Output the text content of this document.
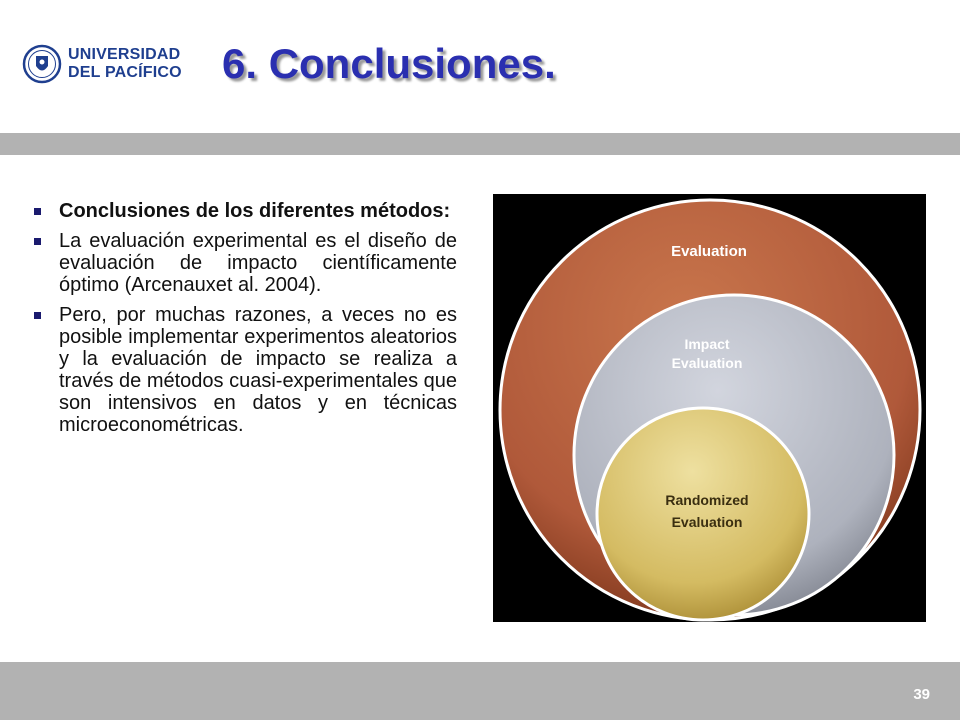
UNIVERSIDAD
DEL PACÍFICO 6. Conclusiones.
Conclusiones de los diferentes métodos:
La evaluación experimental es el diseño de evaluación de impacto científicamente óptimo (Arcenauxet al. 2004).
Pero, por muchas razones, a veces no es posible implementar experimentos aleatorios y la evaluación de impacto se realiza a través de métodos cuasi-experimentales que son intensivos en datos y en técnicas microeconométricas.
Evaluation
Impact
Evaluation
Randomized
Evaluation
39
